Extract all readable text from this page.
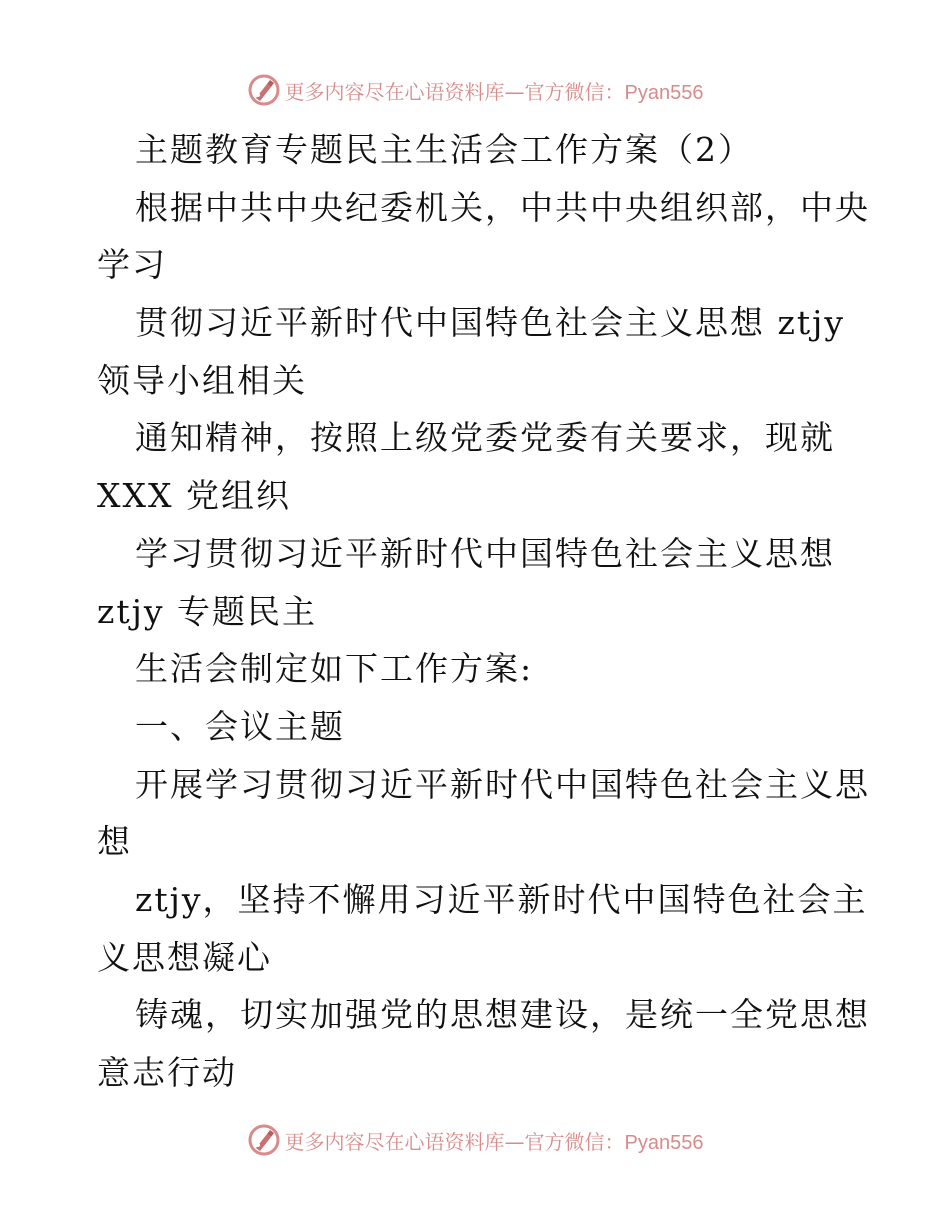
更多内容尽在心语资料库—官方微信：Pyan556
主题教育专题民主生活会工作方案（2）
根据中共中央纪委机关，中共中央组织部，中央
学习
贯彻习近平新时代中国特色社会主义思想 ztjy
领导小组相关
通知精神，按照上级党委党委有关要求，现就
XXX 党组织
学习贯彻习近平新时代中国特色社会主义思想
ztjy 专题民主
生活会制定如下工作方案:
一、会议主题
开展学习贯彻习近平新时代中国特色社会主义思
想
ztjy，坚持不懈用习近平新时代中国特色社会主
义思想凝心
铸魂，切实加强党的思想建设，是统一全党思想
意志行动
更多内容尽在心语资料库—官方微信：Pyan556
